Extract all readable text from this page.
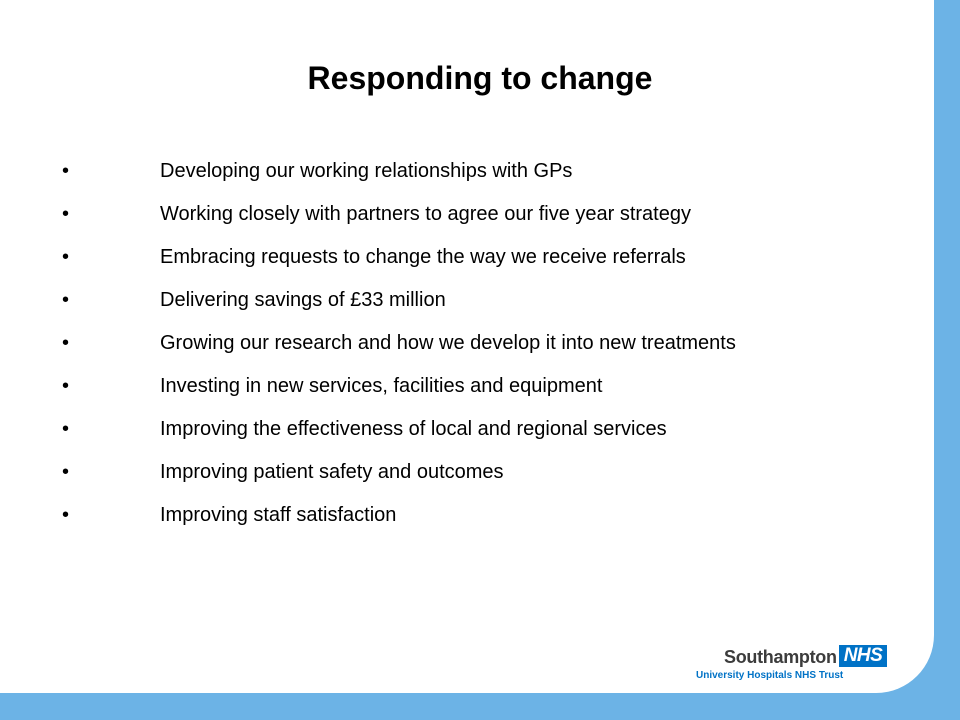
Responding to change
•	Developing our working relationships with GPs
•	Working closely with partners to agree our five year strategy
•	Embracing requests to change the way we receive referrals
•	Delivering savings of £33 million
•	Growing our research and how we develop it into new treatments
•	Investing in new services, facilities and equipment
•	Improving the effectiveness of local and regional services
•	Improving patient safety and outcomes
•	Improving staff satisfaction
Southampton NHS
University Hospitals NHS Trust
